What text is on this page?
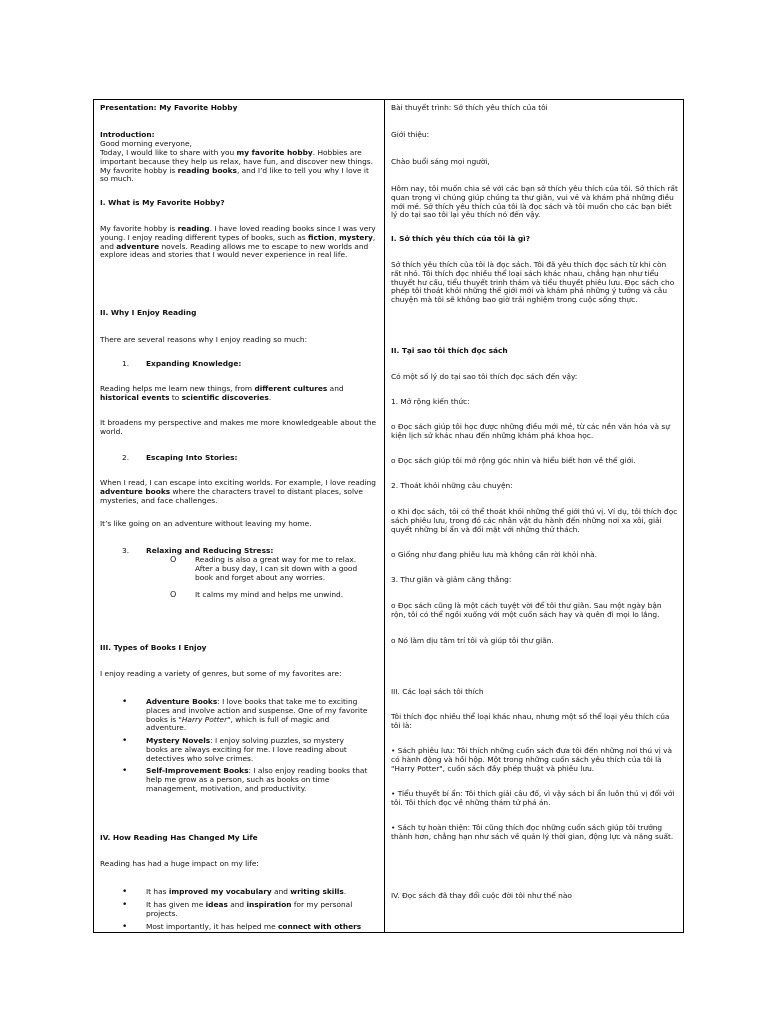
Presentation: My Favorite Hobby

Introduction:

Good morning everyone,

Today, I would like to share with you my favorite hobby. Hobbies are important because they help us relax, have fun, and discover new things. My favorite hobby is reading books, and I’d like to tell you why I love it so much.

I. What is My Favorite Hobby?

My favorite hobby is reading. I have loved reading books since I was very young. I enjoy reading different types of books, such as fiction, mystery, and adventure novels. Reading allows me to escape to new worlds and explore ideas and stories that I would never experience in real life.

II. Why I Enjoy Reading

There are several reasons why I enjoy reading so much:

1.	Expanding Knowledge:

Reading helps me learn new things, from different cultures and historical events to scientific discoveries.

It broadens my perspective and makes me more knowledgeable about the world.

2.	Escaping Into Stories:

When I read, I can escape into exciting worlds. For example, I love reading adventure books where the characters travel to distant places, solve mysteries, and face challenges.

It’s like going on an adventure without leaving my home.

3.	Relaxing and Reducing Stress:
O	Reading is also a great way for me to relax. After a busy day, I can sit down with a good book and forget about any worries.

O	It calms my mind and helps me unwind.

III. Types of Books I Enjoy

I enjoy reading a variety of genres, but some of my favorites are:

•	Adventure Books: I love books that take me to exciting places and involve action and suspense. One of my favorite books is "Harry Potter", which is full of magic and adventure.

•	Mystery Novels: I enjoy solving puzzles, so mystery books are always exciting for me. I love reading about detectives who solve crimes.

•	Self-Improvement Books: I also enjoy reading books that help me grow as a person, such as books on time management, motivation, and productivity.

IV. How Reading Has Changed My Life

Reading has had a huge impact on my life:

•	It has improved my vocabulary and writing skills.

•	It has given me ideas and inspiration for my personal projects.

•	Most importantly, it has helped me connect with others

Bài thuyết trình: Sở thích yêu thích của tôi

Giới thiệu:

Chào buổi sáng mọi người,

Hôm nay, tôi muốn chia sẻ với các bạn sở thích yêu thích của tôi. Sở thích rất quan trọng vì chúng giúp chúng ta thư giãn, vui vẻ và khám phá những điều mới mẻ. Sở thích yêu thích của tôi là đọc sách và tôi muốn cho các bạn biết lý do tại sao tôi lại yêu thích nó đến vậy.

I. Sở thích yêu thích của tôi là gì?

Sở thích yêu thích của tôi là đọc sách. Tôi đã yêu thích đọc sách từ khi còn rất nhỏ. Tôi thích đọc nhiều thể loại sách khác nhau, chẳng hạn như tiểu thuyết hư cấu, tiểu thuyết trinh thám và tiểu thuyết phiêu lưu. Đọc sách cho phép tôi thoát khỏi những thế giới mới và khám phá những ý tưởng và câu chuyện mà tôi sẽ không bao giờ trải nghiệm trong cuộc sống thực.

II. Tại sao tôi thích đọc sách

Có một số lý do tại sao tôi thích đọc sách đến vậy:

1. Mở rộng kiến thức:

o Đọc sách giúp tôi học được những điều mới mẻ, từ các nền văn hóa và sự kiện lịch sử khác nhau đến những khám phá khoa học.

o Đọc sách giúp tôi mở rộng góc nhìn và hiểu biết hơn về thế giới.

2. Thoát khỏi những câu chuyện:

o Khi đọc sách, tôi có thể thoát khỏi những thế giới thú vị. Ví dụ, tôi thích đọc sách phiêu lưu, trong đó các nhân vật du hành đến những nơi xa xôi, giải quyết những bí ẩn và đối mặt với những thử thách.

o Giống như đang phiêu lưu mà không cần rời khỏi nhà.

3. Thư giãn và giảm căng thẳng:

o Đọc sách cũng là một cách tuyệt vời để tôi thư giãn. Sau một ngày bận rộn, tôi có thể ngồi xuống với một cuốn sách hay và quên đi mọi lo lắng.

o Nó làm dịu tâm trí tôi và giúp tôi thư giãn.

III. Các loại sách tôi thích

Tôi thích đọc nhiều thể loại khác nhau, nhưng một số thể loại yêu thích của tôi là:

• Sách phiêu lưu: Tôi thích những cuốn sách đưa tôi đến những nơi thú vị và có hành động và hồi hộp. Một trong những cuốn sách yêu thích của tôi là "Harry Potter", cuốn sách đầy phép thuật và phiêu lưu.

• Tiểu thuyết bí ẩn: Tôi thích giải câu đố, vì vậy sách bí ẩn luôn thú vị đối với tôi. Tôi thích đọc về những thám tử phá án.

• Sách tự hoàn thiện: Tôi cũng thích đọc những cuốn sách giúp tôi trưởng thành hơn, chẳng hạn như sách về quản lý thời gian, động lực và năng suất.

IV. Đọc sách đã thay đổi cuộc đời tôi như thế nào
